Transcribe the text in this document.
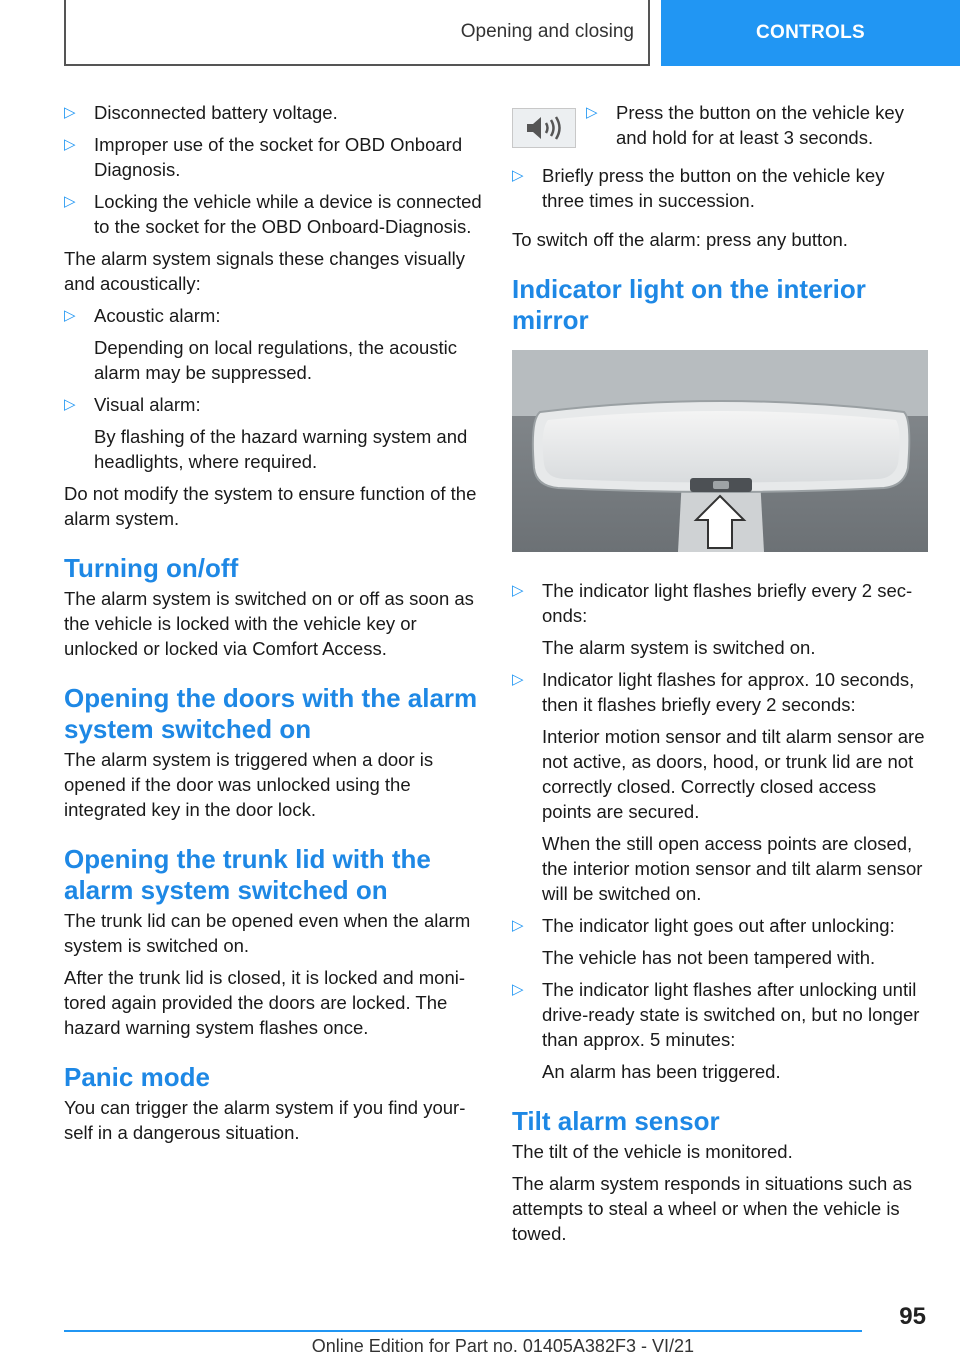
Opening and closing	CONTROLS
▷ Disconnected battery voltage.
▷ Improper use of the socket for OBD Onboard Diagnosis.
▷ Locking the vehicle while a device is connected to the socket for the OBD Onboard-Diagnosis.
The alarm system signals these changes visually and acoustically:
▷ Acoustic alarm:
Depending on local regulations, the acoustic alarm may be suppressed.
▷ Visual alarm:
By flashing of the hazard warning system and headlights, where required.
Do not modify the system to ensure function of the alarm system.
Turning on/off
The alarm system is switched on or off as soon as the vehicle is locked with the vehicle key or unlocked or locked via Comfort Access.
Opening the doors with the alarm system switched on
The alarm system is triggered when a door is opened if the door was unlocked using the integrated key in the door lock.
Opening the trunk lid with the alarm system switched on
The trunk lid can be opened even when the alarm system is switched on.
After the trunk lid is closed, it is locked and monitored again provided the doors are locked. The hazard warning system flashes once.
Panic mode
You can trigger the alarm system if you find yourself in a dangerous situation.
▷ Press the button on the vehicle key and hold for at least 3 seconds.
▷ Briefly press the button on the vehicle key three times in succession.
To switch off the alarm: press any button.
Indicator light on the interior mirror
▷ The indicator light flashes briefly every 2 seconds:
The alarm system is switched on.
▷ Indicator light flashes for approx. 10 seconds, then it flashes briefly every 2 seconds:
Interior motion sensor and tilt alarm sensor are not active, as doors, hood, or trunk lid are not correctly closed. Correctly closed access points are secured.
When the still open access points are closed, the interior motion sensor and tilt alarm sensor will be switched on.
▷ The indicator light goes out after unlocking:
The vehicle has not been tampered with.
▷ The indicator light flashes after unlocking until drive-ready state is switched on, but no longer than approx. 5 minutes:
An alarm has been triggered.
Tilt alarm sensor
The tilt of the vehicle is monitored.
The alarm system responds in situations such as attempts to steal a wheel or when the vehicle is towed.
95
Online Edition for Part no. 01405A382F3 - VI/21
